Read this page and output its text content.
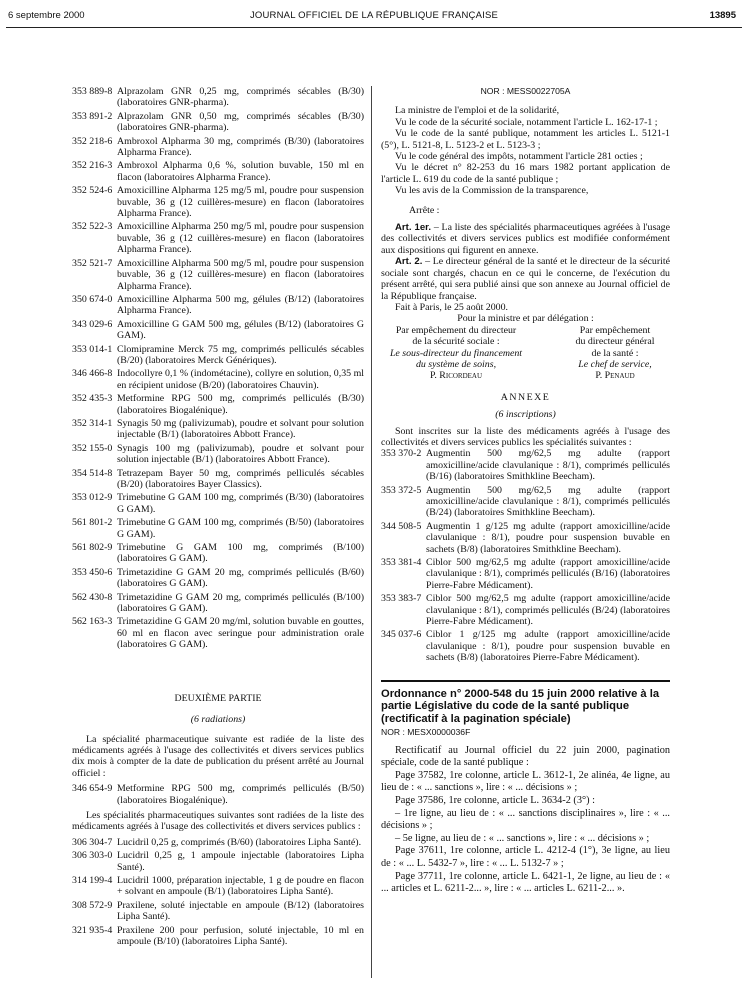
6 septembre 2000	JOURNAL OFFICIEL DE LA RÉPUBLIQUE FRANÇAISE	13895
353 889-8 Alprazolam GNR 0,25 mg, comprimés sécables (B/30) (laboratoires GNR-pharma).
353 891-2 Alprazolam GNR 0,50 mg, comprimés sécables (B/30) (laboratoires GNR-pharma).
352 218-6 Ambroxol Alpharma 30 mg, comprimés (B/30) (laboratoires Alpharma France).
352 216-3 Ambroxol Alpharma 0,6 %, solution buvable, 150 ml en flacon (laboratoires Alpharma France).
352 524-6 Amoxicilline Alpharma 125 mg/5 ml, poudre pour suspension buvable, 36 g (12 cuillères-mesure) en flacon (laboratoires Alpharma France).
352 522-3 Amoxicilline Alpharma 250 mg/5 ml, poudre pour suspension buvable, 36 g (12 cuillères-mesure) en flacon (laboratoires Alpharma France).
352 521-7 Amoxicilline Alpharma 500 mg/5 ml, poudre pour suspension buvable, 36 g (12 cuillères-mesure) en flacon (laboratoires Alpharma France).
350 674-0 Amoxicilline Alpharma 500 mg, gélules (B/12) (laboratoires Alpharma France).
343 029-6 Amoxicilline G GAM 500 mg, gélules (B/12) (laboratoires G GAM).
353 014-1 Clomipramine Merck 75 mg, comprimés pelliculés sécables (B/20) (laboratoires Merck Génériques).
346 466-8 Indocollyre 0,1 % (indométacine), collyre en solution, 0,35 ml en récipient unidose (B/20) (laboratoires Chauvin).
352 435-3 Metformine RPG 500 mg, comprimés pelliculés (B/30) (laboratoires Biogalénique).
352 314-1 Synagis 50 mg (palivizumab), poudre et solvant pour solution injectable (B/1) (laboratoires Abbott France).
352 155-0 Synagis 100 mg (palivizumab), poudre et solvant pour solution injectable (B/1) (laboratoires Abbott France).
354 514-8 Tetrazepam Bayer 50 mg, comprimés pelliculés sécables (B/20) (laboratoires Bayer Classics).
353 012-9 Trimebutine G GAM 100 mg, comprimés (B/30) (laboratoires G GAM).
561 801-2 Trimebutine G GAM 100 mg, comprimés (B/50) (laboratoires G GAM).
561 802-9 Trimebutine G GAM 100 mg, comprimés (B/100) (laboratoires G GAM).
353 450-6 Trimetazidine G GAM 20 mg, comprimés pelliculés (B/60) (laboratoires G GAM).
562 430-8 Trimetazidine G GAM 20 mg, comprimés pelliculés (B/100) (laboratoires G GAM).
562 163-3 Trimetazidine G GAM 20 mg/ml, solution buvable en gouttes, 60 ml en flacon avec seringue pour administration orale (laboratoires G GAM).
DEUXIÈME PARTIE
(6 radiations)

La spécialité pharmaceutique suivante est radiée de la liste des médicaments agréés à l'usage des collectivités et divers services publics dix mois à compter de la date de publication du présent arrêté au Journal officiel :

346 654-9 Metformine RPG 500 mg, comprimés pelliculés (B/50) (laboratoires Biogalénique).

Les spécialités pharmaceutiques suivantes sont radiées de la liste des médicaments agréés à l'usage des collectivités et divers services publics :

306 304-7 Lucidril 0,25 g, comprimés (B/60) (laboratoires Lipha Santé).
306 303-0 Lucidril 0,25 g, 1 ampoule injectable (laboratoires Lipha Santé).
314 199-4 Lucidril 1000, préparation injectable, 1 g de poudre en flacon + solvant en ampoule (B/1) (laboratoires Lipha Santé).
308 572-9 Praxilene, soluté injectable en ampoule (B/12) (laboratoires Lipha Santé).
321 935-4 Praxilene 200 pour perfusion, soluté injectable, 10 ml en ampoule (B/10) (laboratoires Lipha Santé).
NOR : MESS0022705A

La ministre de l'emploi et de la solidarité,

Vu le code de la sécurité sociale, notamment l'article L. 162-17-1 ;

Vu le code de la santé publique, notamment les articles L. 5121-1 (5°), L. 5121-8, L. 5123-2 et L. 5123-3 ;

Vu le code général des impôts, notamment l'article 281 octies ;

Vu le décret n° 82-253 du 16 mars 1982 portant application de l'article L. 619 du code de la santé publique ;

Vu les avis de la Commission de la transparence,

Arrête :

Art. 1er. – La liste des spécialités pharmaceutiques agréées à l'usage des collectivités et divers services publics est modifiée conformément aux dispositions qui figurent en annexe.

Art. 2. – Le directeur général de la santé et le directeur de la sécurité sociale sont chargés, chacun en ce qui le concerne, de l'exécution du présent arrêté, qui sera publié ainsi que son annexe au Journal officiel de la République française.

Fait à Paris, le 25 août 2000.

Pour la ministre et par délégation :
Par empêchement du directeur
de la sécurité sociale :
Le sous-directeur du financement
du système de soins,
P. Ricordeau
Par empêchement
du directeur général
de la santé :
Le chef de service,
P. Penaud
ANNEXE
(6 inscriptions)

Sont inscrites sur la liste des médicaments agréés à l'usage des collectivités et divers services publics les spécialités suivantes :

353 370-2 Augmentin 500 mg/62,5 mg adulte (rapport amoxicilline/acide clavulanique : 8/1), comprimés pelliculés (B/16) (laboratoires Smithkline Beecham).
353 372-5 Augmentin 500 mg/62,5 mg adulte (rapport amoxicilline/acide clavulanique : 8/1), comprimés pelliculés (B/24) (laboratoires Smithkline Beecham).
344 508-5 Augmentin 1 g/125 mg adulte (rapport amoxicilline/acide clavulanique : 8/1), poudre pour suspension buvable en sachets (B/8) (laboratoires Smithkline Beecham).
353 381-4 Ciblor 500 mg/62,5 mg adulte (rapport amoxicilline/acide clavulanique : 8/1), comprimés pelliculés (B/16) (laboratoires Pierre-Fabre Médicament).
353 383-7 Ciblor 500 mg/62,5 mg adulte (rapport amoxicilline/acide clavulanique : 8/1), comprimés pelliculés (B/24) (laboratoires Pierre-Fabre Médicament).
345 037-6 Ciblor 1 g/125 mg adulte (rapport amoxicilline/acide clavulanique : 8/1), poudre pour suspension buvable en sachets (B/8) (laboratoires Pierre-Fabre Médicament).
Ordonnance n° 2000-548 du 15 juin 2000 relative à la partie Législative du code de la santé publique (rectificatif à la pagination spéciale)
NOR : MESX0000036F

Rectificatif au Journal officiel du 22 juin 2000, pagination spéciale, code de la santé publique :

Page 37582, 1re colonne, article L. 3612-1, 2e alinéa, 4e ligne, au lieu de : « ... sanctions », lire : « ... décisions » ;

Page 37586, 1re colonne, article L. 3634-2 (3°) :

– 1re ligne, au lieu de : « ... sanctions disciplinaires », lire : « ... décisions » ;

– 5e ligne, au lieu de : « ... sanctions », lire : « ... décisions » ;

Page 37611, 1re colonne, article L. 4212-4 (1°), 3e ligne, au lieu de : « ... L. 5432-7 », lire : « ... L. 5132-7 » ;

Page 37711, 1re colonne, article L. 6421-1, 2e ligne, au lieu de : « ... articles et L. 6211-2... », lire : « ... articles L. 6211-2... ».
